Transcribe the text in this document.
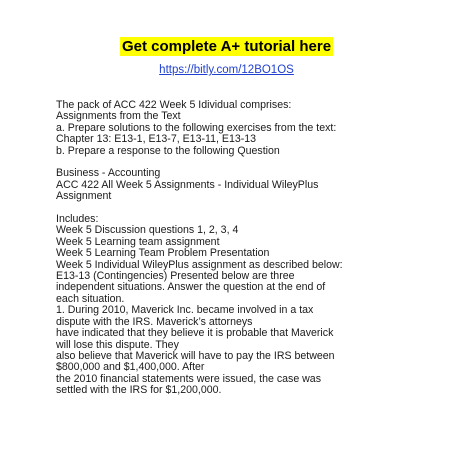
Get complete A+ tutorial here
https://bitly.com/12BO1OS
The pack of ACC 422 Week 5 Idividual comprises:
Assignments from the Text
a. Prepare solutions to the following exercises from the text:
Chapter 13: E13-1, E13-7, E13-11, E13-13
b. Prepare a response to the following Question
Business - Accounting
ACC 422 All Week 5 Assignments - Individual WileyPlus
Assignment
Includes:
Week 5 Discussion questions 1, 2, 3, 4
Week 5 Learning team assignment
Week 5 Learning Team Problem Presentation
Week 5 Individual WileyPlus assignment as described below:
E13-13 (Contingencies) Presented below are three
independent situations. Answer the question at the end of
each situation.
1. During 2010, Maverick Inc. became involved in a tax
dispute with the IRS. Maverick’s attorneys
have indicated that they believe it is probable that Maverick
will lose this dispute. They
also believe that Maverick will have to pay the IRS between
$800,000 and $1,400,000. After
the 2010 financial statements were issued, the case was
settled with the IRS for $1,200,000.
